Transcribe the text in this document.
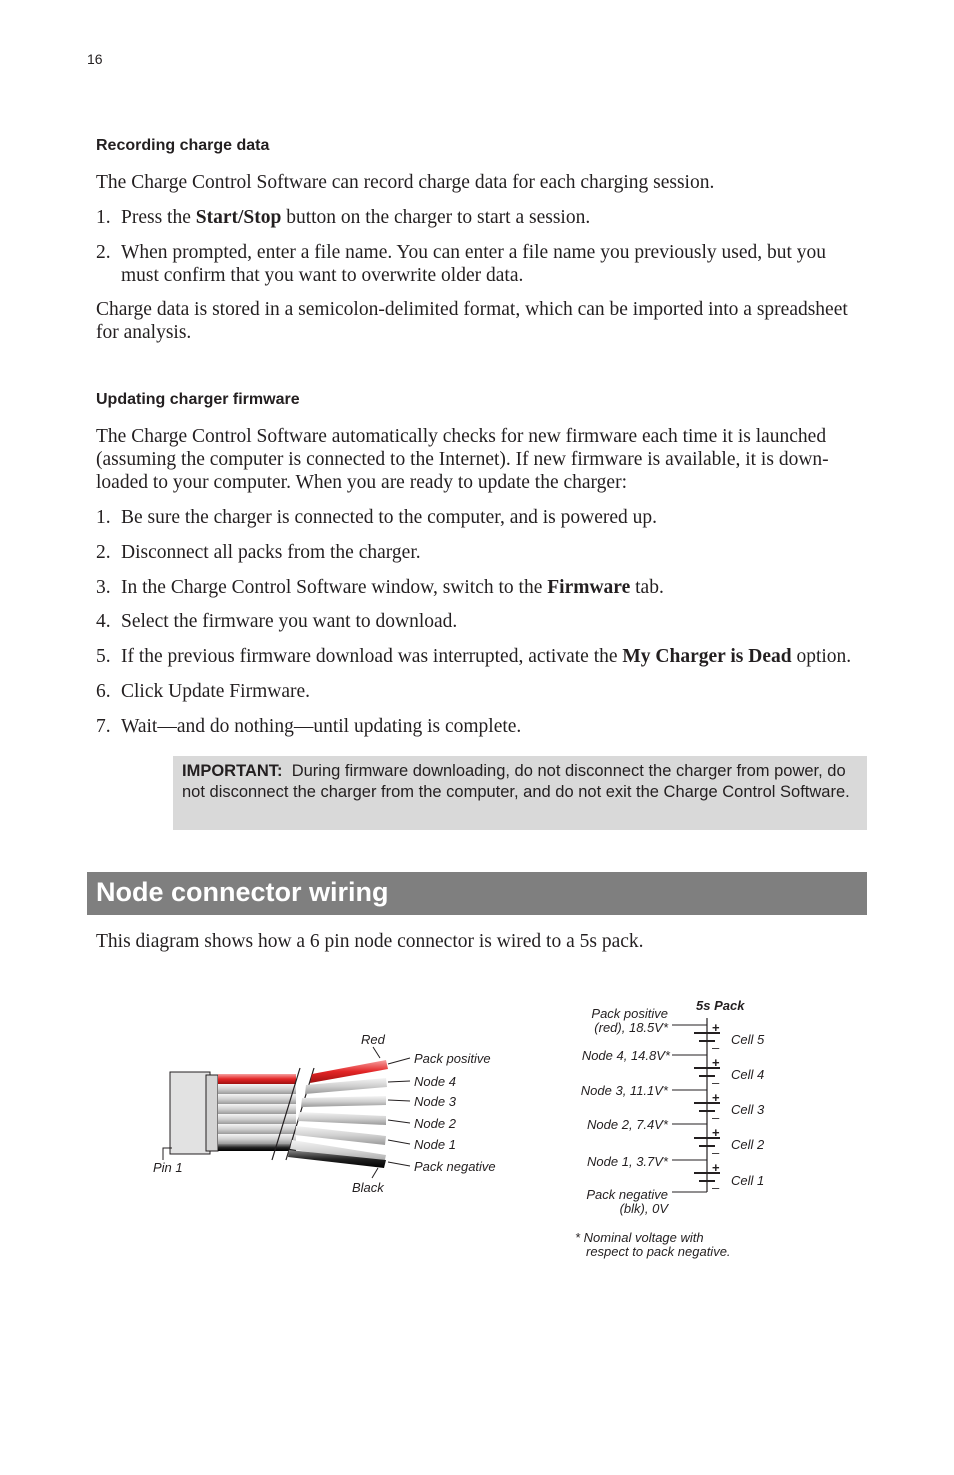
16
Recording charge data
The Charge Control Software can record charge data for each charging session.
1. Press the Start/Stop button on the charger to start a session.
2. When prompted, enter a file name. You can enter a file name you previously used, but you must confirm that you want to overwrite older data.
Charge data is stored in a semicolon-delimited format, which can be imported into a spreadsheet for analysis.
Updating charger firmware
The Charge Control Software automatically checks for new firmware each time it is launched (assuming the computer is connected to the Internet). If new firmware is available, it is down-loaded to your computer. When you are ready to update the charger:
1. Be sure the charger is connected to the computer, and is powered up.
2. Disconnect all packs from the charger.
3. In the Charge Control Software window, switch to the Firmware tab.
4. Select the firmware you want to download.
5. If the previous firmware download was interrupted, activate the My Charger is Dead option.
6. Click Update Firmware.
7. Wait—and do nothing—until updating is complete.
IMPORTANT: During firmware downloading, do not disconnect the charger from power, do not disconnect the charger from the computer, and do not exit the Charge Control Software.
Node connector wiring
This diagram shows how a 6 pin node connector is wired to a 5s pack.
Red
Black
Pin 1
Pack positive
Node 4
Node 3
Node 2
Node 1
Pack negative
5s Pack
+
–
+
–
+
–
+
–
+
–
Pack positive
(red), 18.5V*
Node 4, 14.8V*
Node 3, 11.1V*
Node 2, 7.4V*
Node 1, 3.7V*
Pack negative
(blk), 0V
Cell 5
Cell 4
Cell 3
Cell 2
Cell 1
* Nominal voltage with
respect to pack negative.
